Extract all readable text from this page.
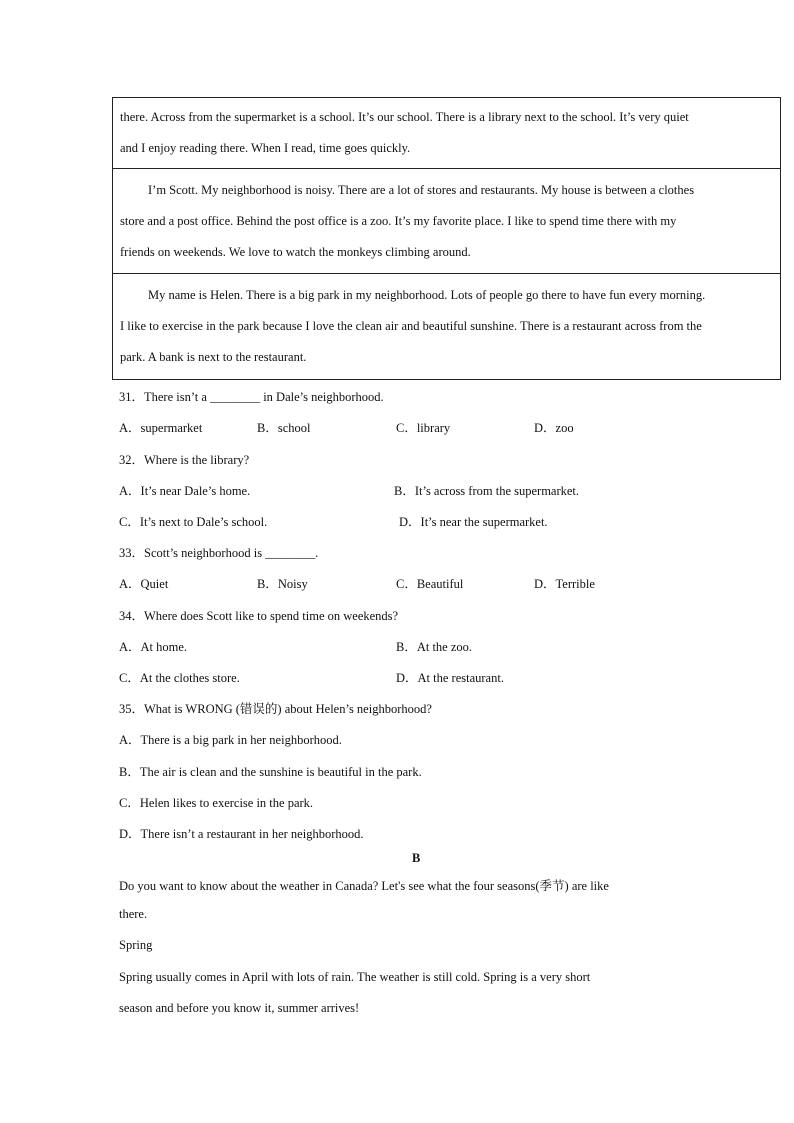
there. Across from the supermarket is a school. It’s our school. There is a library next to the school. It’s very quiet
and I enjoy reading there. When I read, time goes quickly.
I’m Scott. My neighborhood is noisy. There are a lot of stores and restaurants. My house is between a clothes
store and a post office. Behind the post office is a zoo. It’s my favorite place. I like to spend time there with my
friends on weekends. We love to watch the monkeys climbing around.
My name is Helen. There is a big park in my neighborhood. Lots of people go there to have fun every morning.
I like to exercise in the park because I love the clean air and beautiful sunshine. There is a restaurant across from the
park. A bank is next to the restaurant.
31．There isn’t a ________ in Dale’s neighborhood.
A．supermarket	B．school	C．library	D．zoo
32．Where is the library?
A．It’s near Dale’s home.	B．It’s across from the supermarket.
C．It’s next to Dale’s school.	D．It’s near the supermarket.
33．Scott’s neighborhood is ________.
A．Quiet	B．Noisy	C．Beautiful	D．Terrible
34．Where does Scott like to spend time on weekends?
A．At home.	B．At the zoo.
C．At the clothes store.	D．At the restaurant.
35．What is WRONG (错误的) about Helen’s neighborhood?
A．There is a big park in her neighborhood.
B．The air is clean and the sunshine is beautiful in the park.
C．Helen likes to exercise in the park.
D．There isn’t a restaurant in her neighborhood.
B
Do you want to know about the weather in Canada? Let's see what the four seasons(季节) are like
there.
Spring
Spring usually comes in April with lots of rain. The weather is still cold. Spring is a very short
season and before you know it, summer arrives!
